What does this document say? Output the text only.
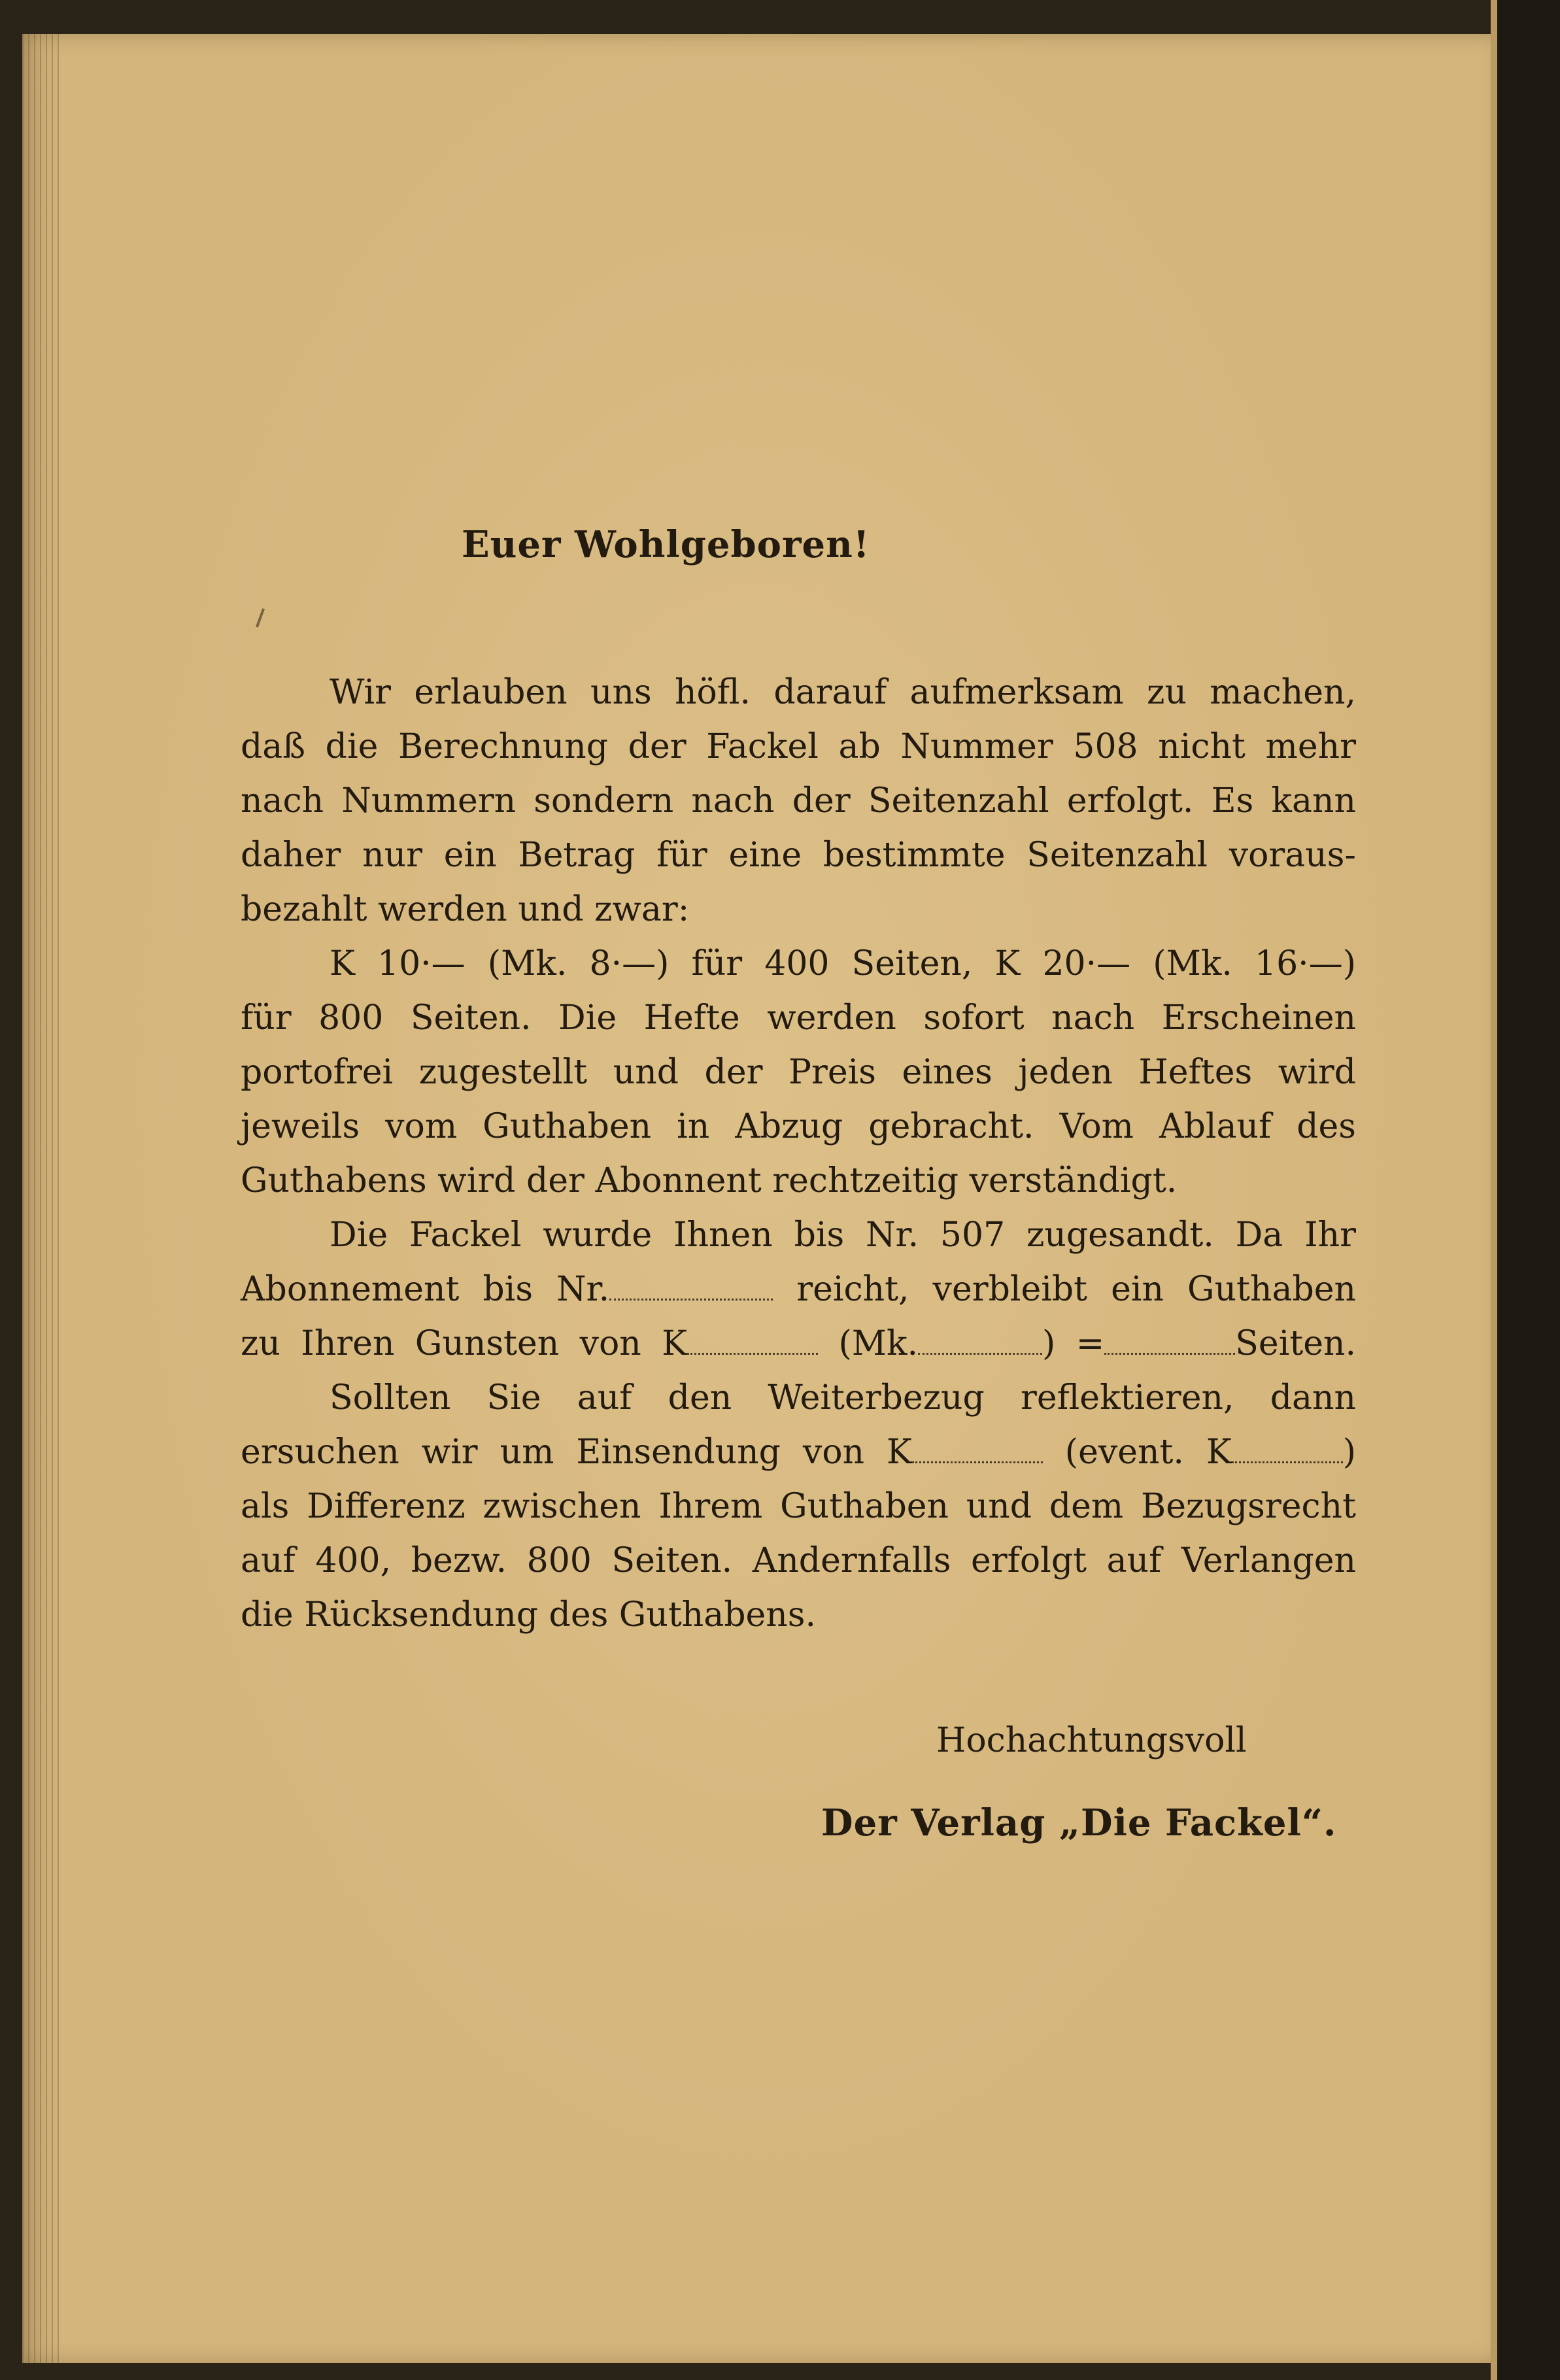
Euer Wohlgeboren!

Wir erlauben uns höfl. darauf aufmerksam zu machen,
daß die Berechnung der Fackel ab Nummer 508 nicht mehr
nach Nummern sondern nach der Seitenzahl erfolgt. Es kann
daher nur ein Betrag für eine bestimmte Seitenzahl voraus-
bezahlt werden und zwar:

K 10·— (Mk. 8·—) für 400 Seiten, K 20·— (Mk. 16·—)
für 800 Seiten. Die Hefte werden sofort nach Erscheinen
portofrei zugestellt und der Preis eines jeden Heftes wird
jeweils vom Guthaben in Abzug gebracht. Vom Ablauf des
Guthabens wird der Abonnent rechtzeitig verständigt.

Die Fackel wurde Ihnen bis Nr. 507 zugesandt. Da Ihr
Abonnement bis Nr.	reicht, verbleibt ein Guthaben
zu Ihren Gunsten von K	(Mk.	) =	Seiten.

Sollten Sie auf den Weiterbezug reflektieren, dann
ersuchen wir um Einsendung von K	(event. K	)
als Differenz zwischen Ihrem Guthaben und dem Bezugsrecht
auf 400, bezw. 800 Seiten. Andernfalls erfolgt auf Verlangen
die Rücksendung des Guthabens.

Hochachtungsvoll
Der Verlag „Die Fackel“.
